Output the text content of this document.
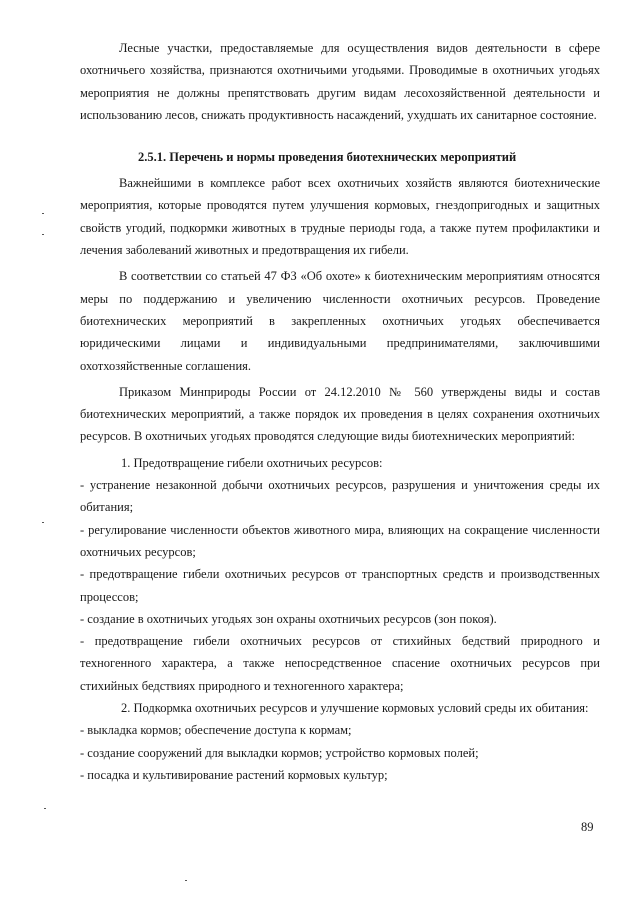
Лесные участки, предоставляемые для осуществления видов деятельности в сфере охотничьего хозяйства, признаются охотничьими угодьями. Проводимые в охотничьих угодьях мероприятия не должны препятствовать другим видам лесохозяйственной деятельности и использованию лесов, снижать продуктивность насаждений, ухудшать их санитарное состояние.

2.5.1. Перечень и нормы проведения биотехнических мероприятий

Важнейшими в комплексе работ всех охотничьих хозяйств являются биотехнические мероприятия, которые проводятся путем улучшения кормовых, гнездопригодных и защитных свойств угодий, подкормки животных в трудные периоды года, а также путем профилактики и лечения заболеваний животных и предотвращения их гибели.

В соответствии со статьей 47 ФЗ «Об охоте» к биотехническим мероприятиям относятся меры по поддержанию и увеличению численности охотничьих ресурсов. Проведение биотехнических мероприятий в закрепленных охотничьих угодьях обеспечивается юридическими лицами и индивидуальными предпринимателями, заключившими охотхозяйственные соглашения.

Приказом Минприроды России от 24.12.2010 № 560 утверждены виды и состав биотехнических мероприятий, а также порядок их проведения в целях сохранения охотничьих ресурсов. В охотничьих угодьях проводятся следующие виды биотехнических мероприятий:

1. Предотвращение гибели охотничьих ресурсов:

- устранение незаконной добычи охотничьих ресурсов, разрушения и уничтожения среды их обитания;

- регулирование численности объектов животного мира, влияющих на сокращение численности охотничьих ресурсов;

- предотвращение гибели охотничьих ресурсов от транспортных средств и производственных процессов;

- создание в охотничьих угодьях зон охраны охотничьих ресурсов (зон покоя).

- предотвращение гибели охотничьих ресурсов от стихийных бедствий природного и техногенного характера, а также непосредственное спасение охотничьих ресурсов при стихийных бедствиях природного и техногенного характера;

2. Подкормка охотничьих ресурсов и улучшение кормовых условий среды их обитания:

- выкладка кормов; обеспечение доступа к кормам;

- создание сооружений для выкладки кормов; устройство кормовых полей;

- посадка и культивирование растений кормовых культур;

89
